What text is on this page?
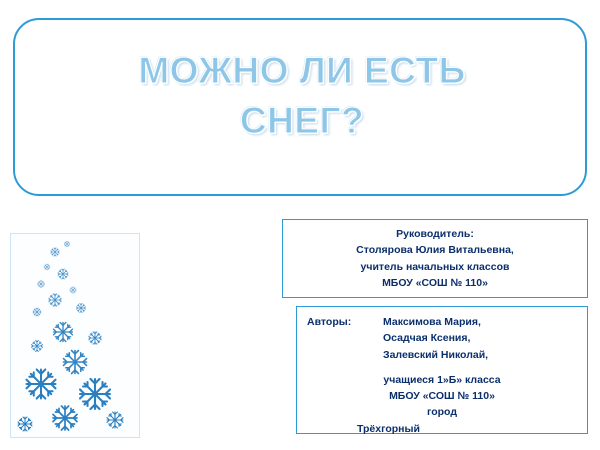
МОЖНО ЛИ ЕСТЬ
СНЕГ?
Руководитель:
Столярова Юлия Витальевна,
учитель начальных классов
МБОУ «СОШ № 110»
Авторы:	Максимова Мария,
Осадчая Ксения,
Залевский Николай,
учащиеся 1»Б» класса
МБОУ «СОШ № 110»
город
Трёхгорный
